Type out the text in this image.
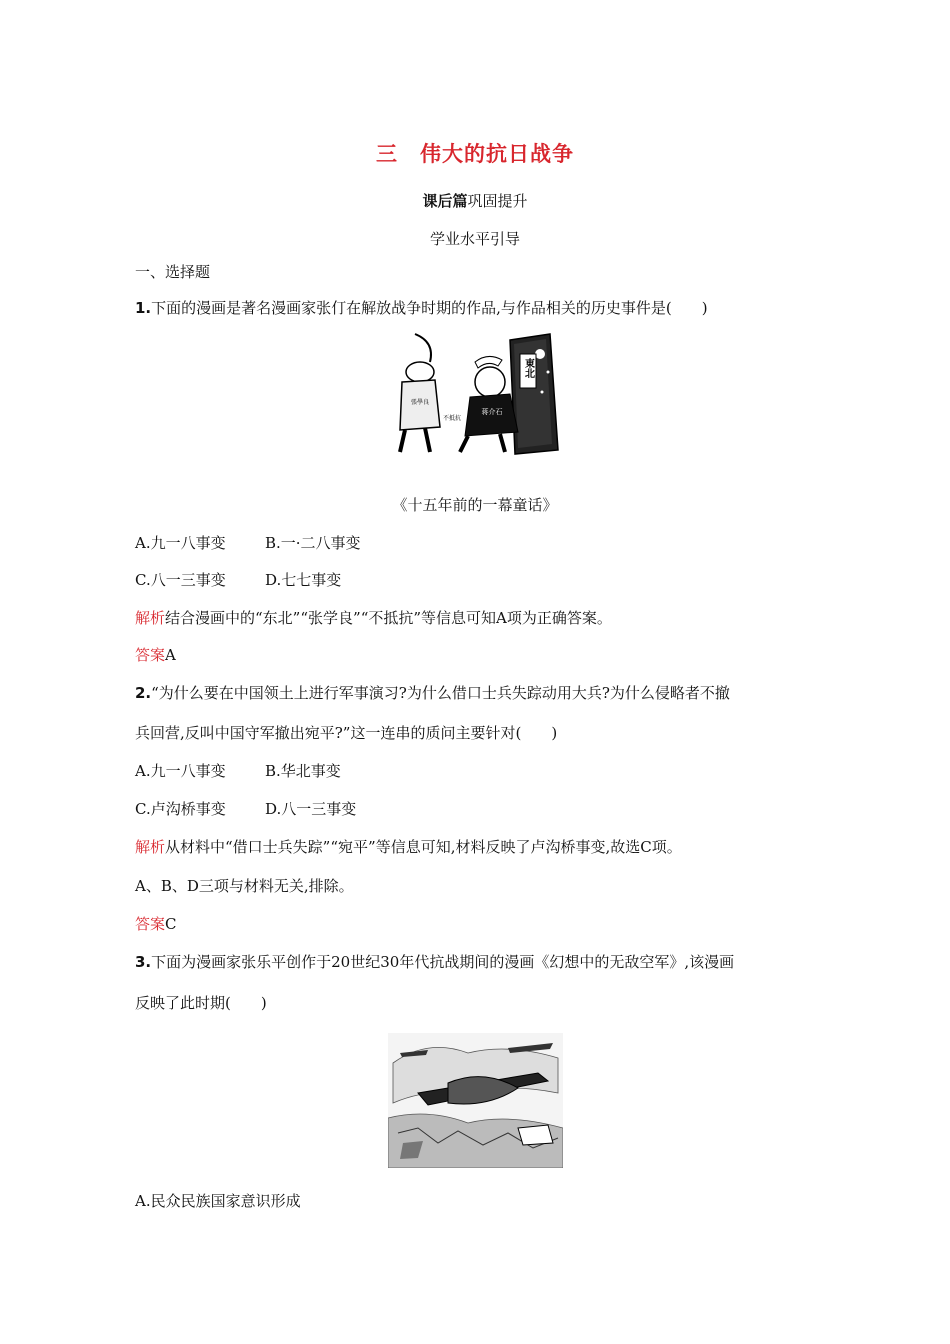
三　伟大的抗日战争
课后篇巩固提升
学业水平引导
一、选择题
1.下面的漫画是著名漫画家张仃在解放战争时期的作品,与作品相关的历史事件是(　　)
東北
蒋介石
不抵抗
張學良
《十五年前的一幕童话》
A.九一八事变	B.一·二八事变
C.八一三事变	D.七七事变
解析结合漫画中的“东北”“张学良”“不抵抗”等信息可知A项为正确答案。
答案A
2.“为什么要在中国领土上进行军事演习?为什么借口士兵失踪动用大兵?为什么侵略者不撤
兵回营,反叫中国守军撤出宛平?”这一连串的质问主要针对(　　)
A.九一八事变	B.华北事变
C.卢沟桥事变	D.八一三事变
解析从材料中“借口士兵失踪”“宛平”等信息可知,材料反映了卢沟桥事变,故选C项。
A、B、D三项与材料无关,排除。
答案C
3.下面为漫画家张乐平创作于20世纪30年代抗战期间的漫画《幻想中的无敌空军》,该漫画
反映了此时期(　　)
A.民众民族国家意识形成
